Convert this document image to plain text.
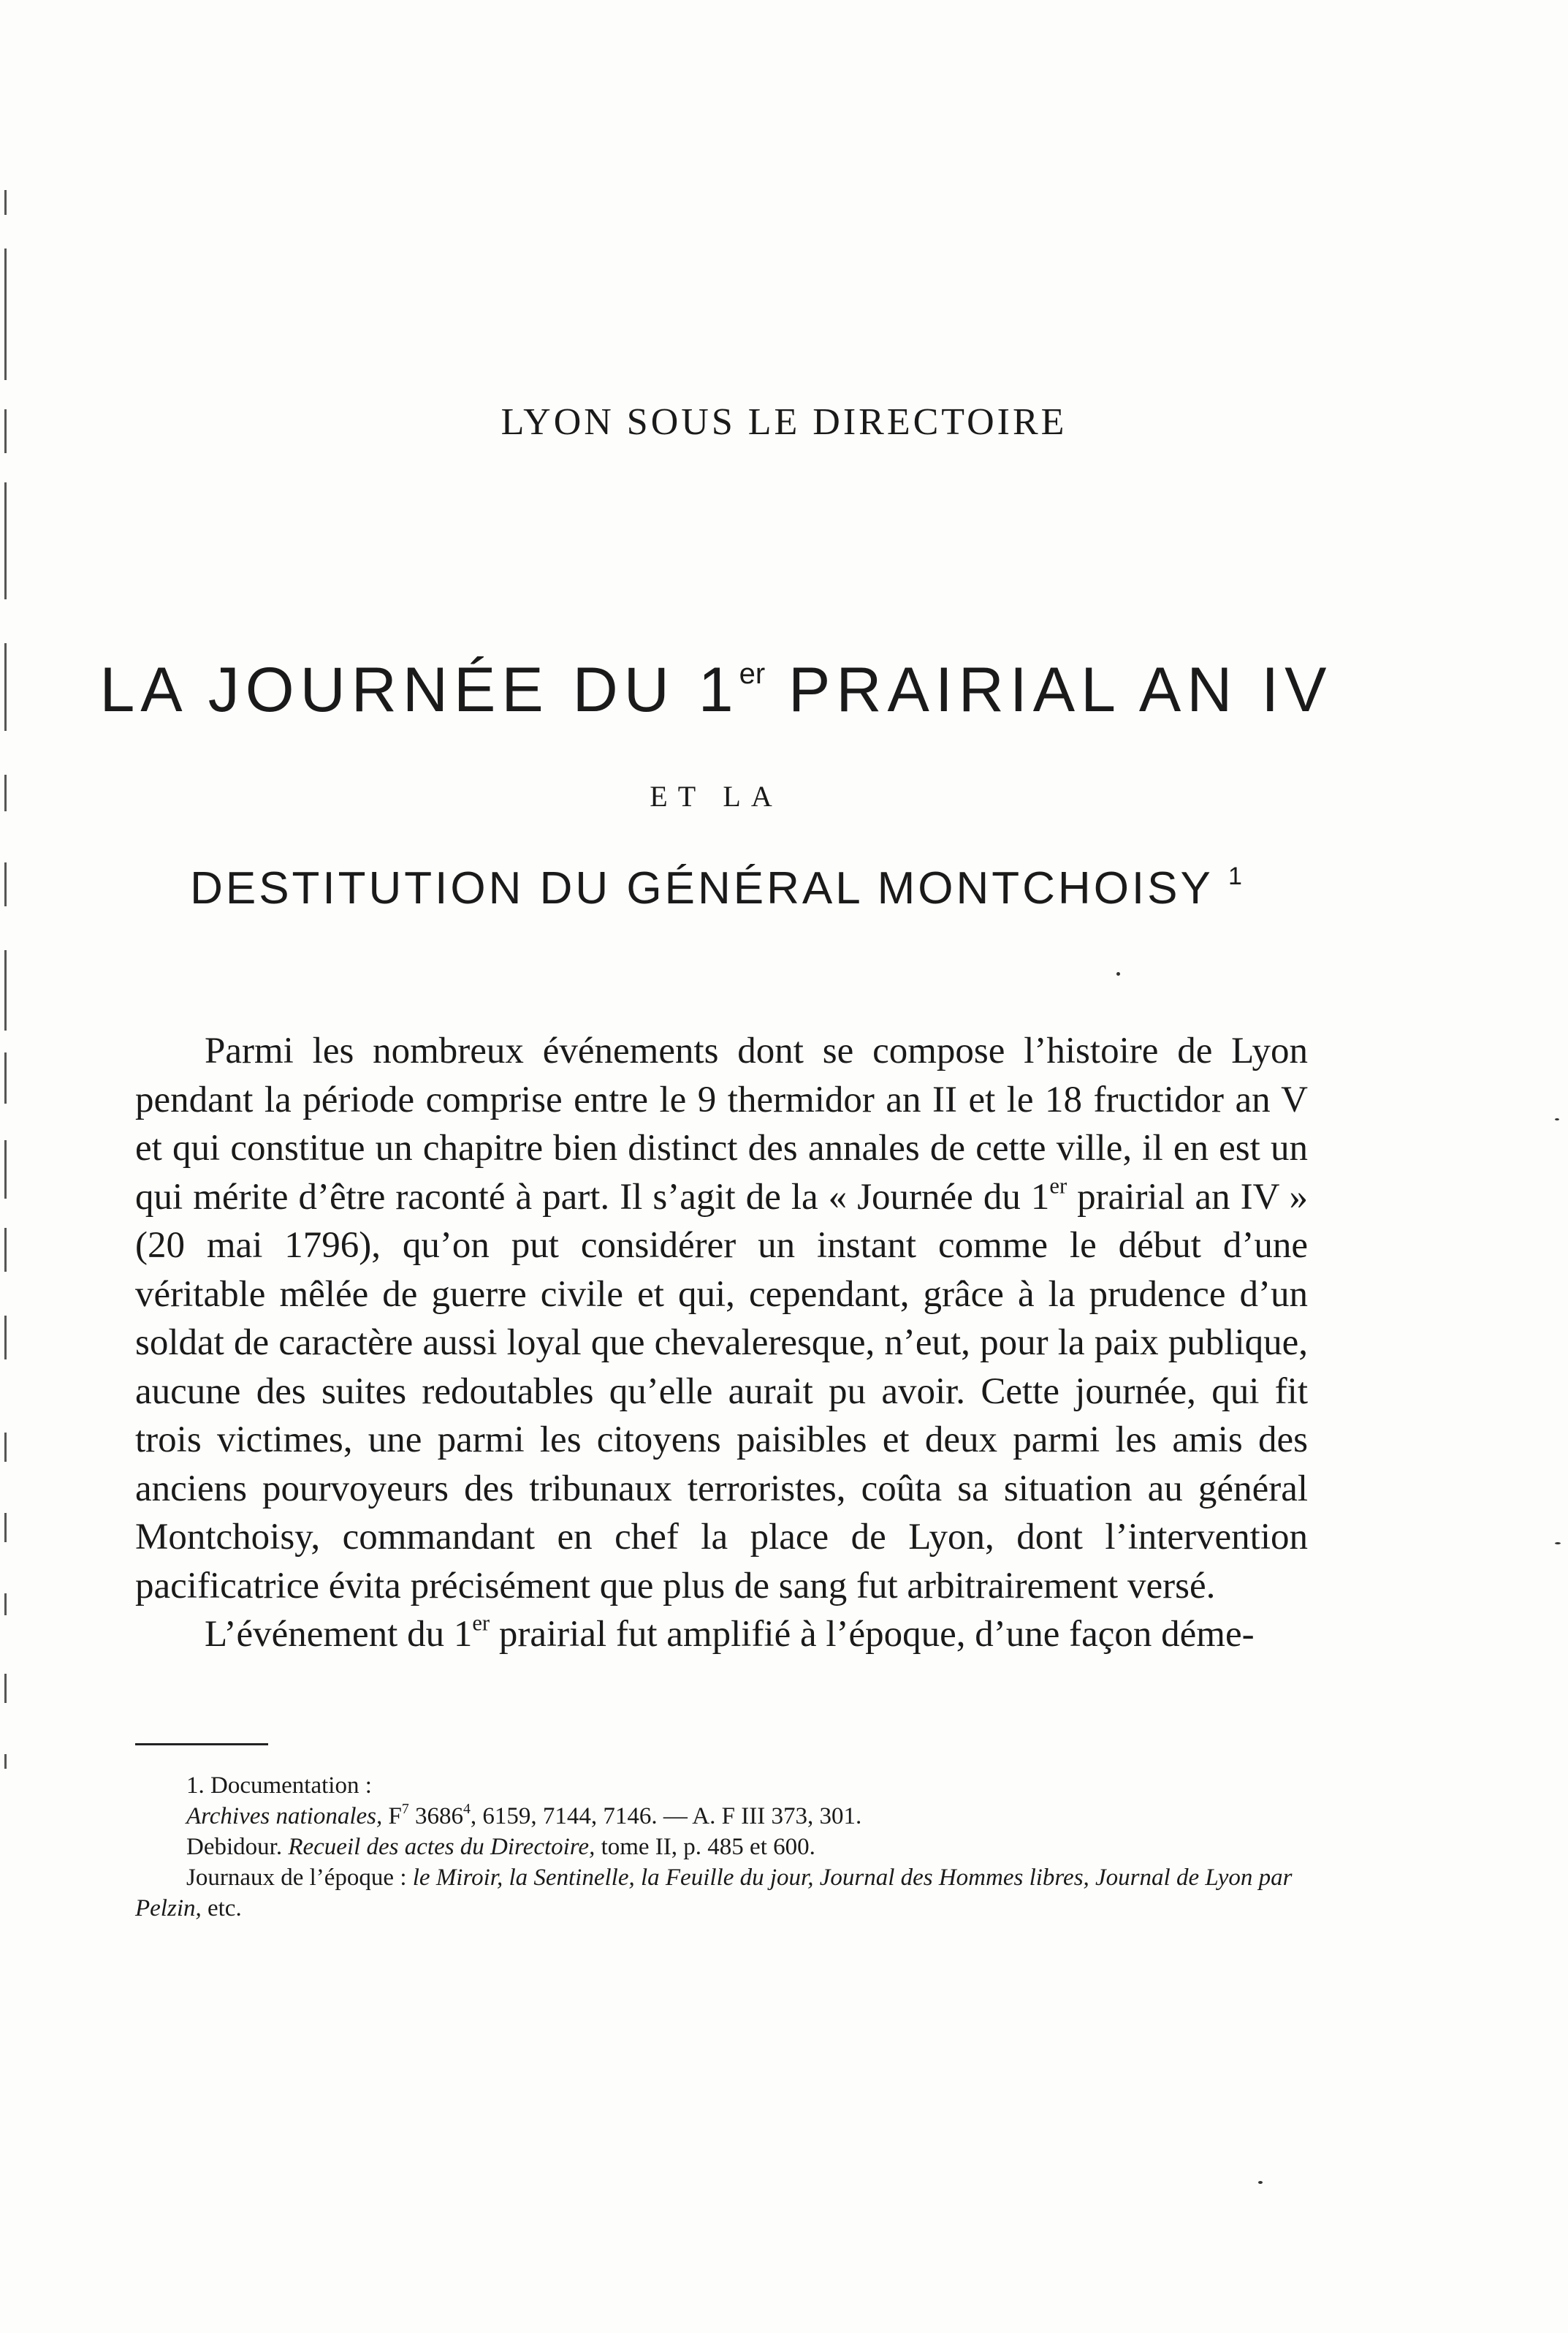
LYON SOUS LE DIRECTOIRE
LA JOURNÉE DU 1er PRAIRIAL AN IV
ET LA
DESTITUTION DU GÉNÉRAL MONTCHOISY $^1$

Parmi les nombreux événements dont se compose l’histoire de Lyon pendant la période comprise entre le 9 thermidor an II et le 18 fructidor an V et qui constitue un chapitre bien distinct des annales de cette ville, il en est un qui mérite d’être raconté à part. Il s’agit de la « Journée du 1er prairial an IV » (20 mai 1796), qu’on put considérer un instant comme le début d’une véritable mêlée de guerre civile et qui, cependant, grâce à la prudence d’un soldat de caractère aussi loyal que chevaleresque, n’eut, pour la paix publique, aucune des suites redoutables qu’elle aurait pu avoir. Cette journée, qui fit trois victimes, une parmi les citoyens paisibles et deux parmi les amis des anciens pourvoyeurs des tribunaux terroristes, coûta sa situation au général Montchoisy, commandant en chef la place de Lyon, dont l’intervention pacificatrice évita précisément que plus de sang fut arbitrairement versé.

L’événement du 1er prairial fut amplifié à l’époque, d’une façon déme-

1. Documentation :
Archives nationales, $F^7$ 3686$^4$, 6159, 7144, 7146. — A. F III 373, 301.
Debidour. Recueil des actes du Directoire, tome II, p. 485 et 600.
Journaux de l’époque : le Miroir, la Sentinelle, la Feuille du jour, Journal des Hommes libres, Journal de Lyon par Pelzin, etc.
